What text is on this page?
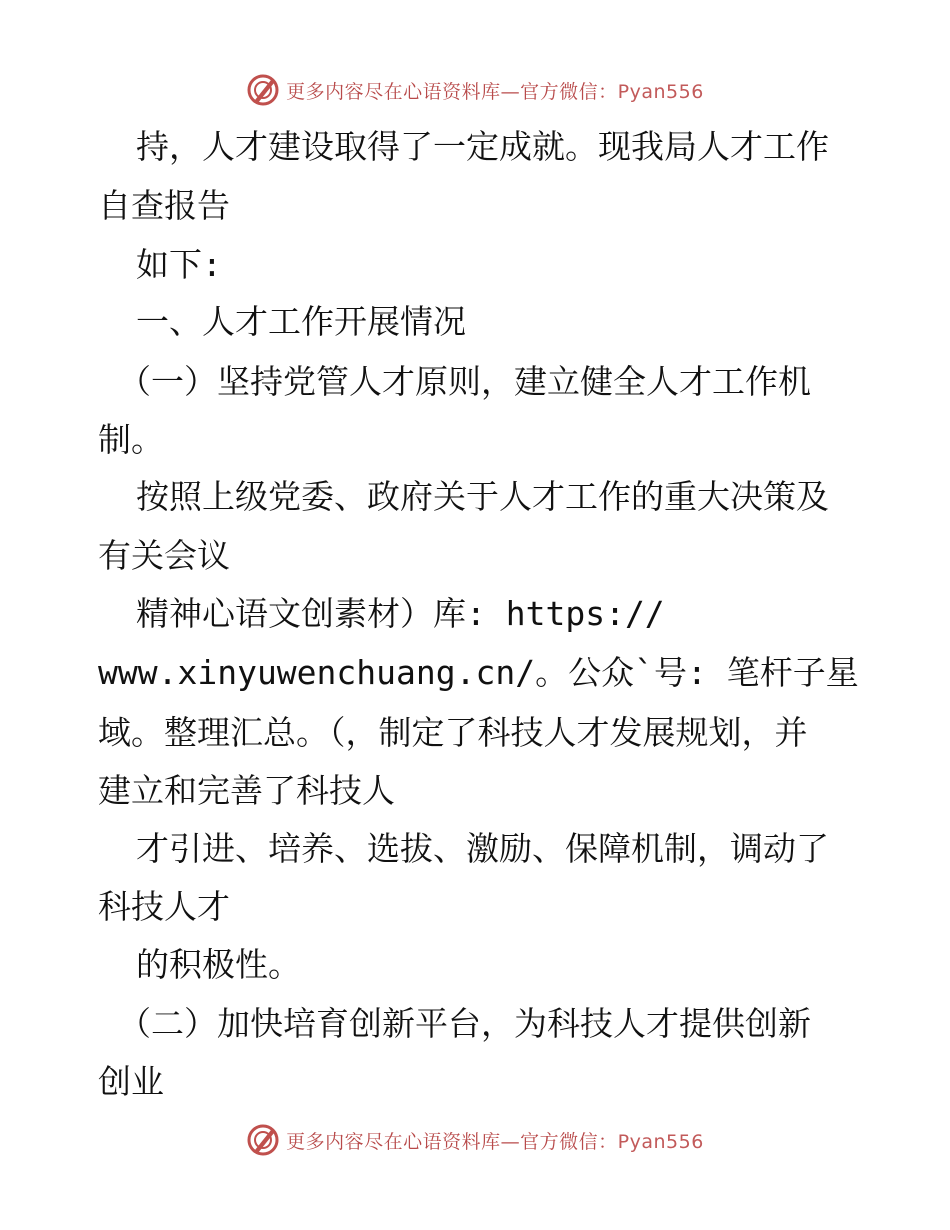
更多内容尽在心语资料库—官方微信：Pyan556
持，人才建设取得了一定成就。现我局人才工作
自查报告
如下:
一、人才工作开展情况
（一）坚持党管人才原则，建立健全人才工作机
制。
按照上级党委、政府关于人才工作的重大决策及
有关会议
精神心语文创素材）库: https://
www.xinyuwenchuang.cn/。公众`号: 笔杆子星
域。整理汇总。（，制定了科技人才发展规划，并
建立和完善了科技人
才引进、培养、选拔、激励、保障机制，调动了
科技人才
的积极性。
（二）加快培育创新平台，为科技人才提供创新
创业
更多内容尽在心语资料库—官方微信：Pyan556
